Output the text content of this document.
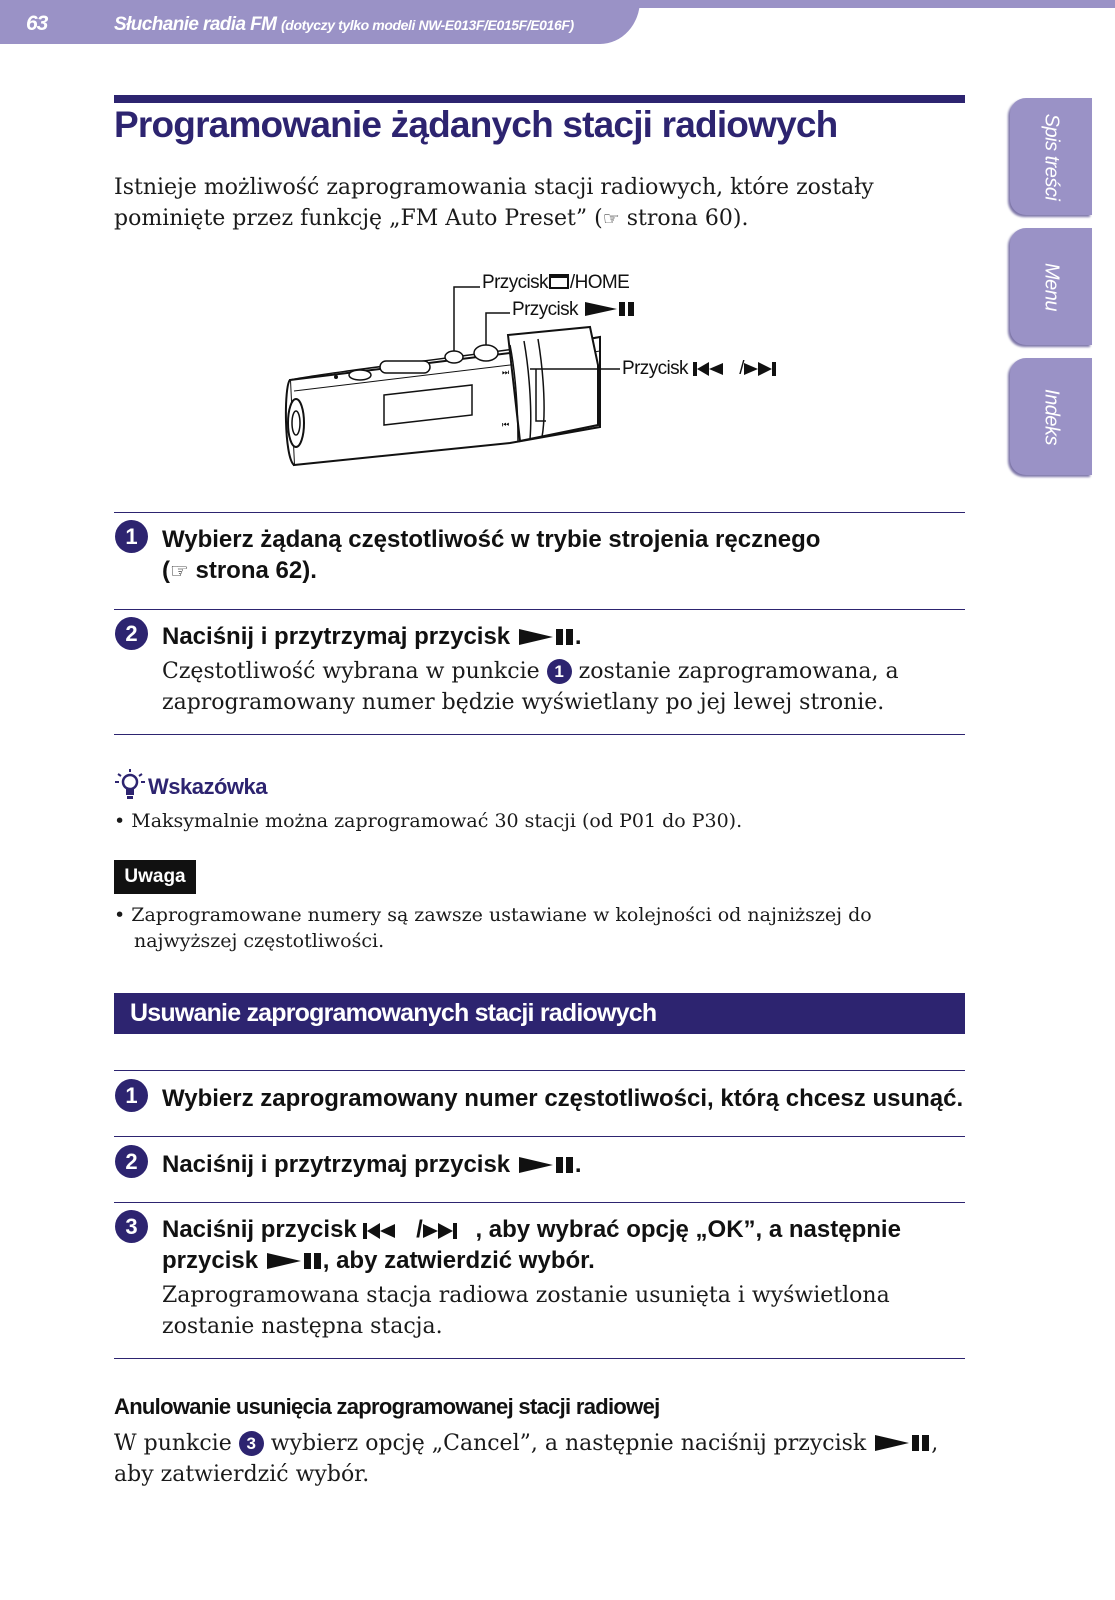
63	Słuchanie radia FM (dotyczy tylko modeli NW-E013F/E015F/E016F)
Spis treści
Menu
Indeks
Programowanie żądanych stacji radiowych
Istnieje możliwość zaprogramowania stacji radiowych, które zostały pominięte przez funkcję „FM Auto Preset” (☞ strona 60).
⏭
⏮
Przycisk /HOME
Przycisk
Przycisk	/
1	Wybierz żądaną częstotliwość w trybie strojenia ręcznego
(☞ strona 62).
2	Naciśnij i przytrzymaj przycisk	.
Częstotliwość wybrana w punkcie 1 zostanie zaprogramowana, a zaprogramowany numer będzie wyświetlany po jej lewej stronie.
Wskazówka
• Maksymalnie można zaprogramować 30 stacji (od P01 do P30).
Uwaga
• Zaprogramowane numery są zawsze ustawiane w kolejności od najniższej do najwyższej częstotliwości.
Usuwanie zaprogramowanych stacji radiowych
1	Wybierz zaprogramowany numer częstotliwości, którą chcesz usunąć.
2	Naciśnij i przytrzymaj przycisk	.
3	Naciśnij przycisk / , aby wybrać opcję „OK”, a następnie
przycisk	, aby zatwierdzić wybór.
Zaprogramowana stacja radiowa zostanie usunięta i wyświetlona zostanie następna stacja.
Anulowanie usunięcia zaprogramowanej stacji radiowej
W punkcie 3 wybierz opcję „Cancel”, a następnie naciśnij przycisk	, aby zatwierdzić wybór.
